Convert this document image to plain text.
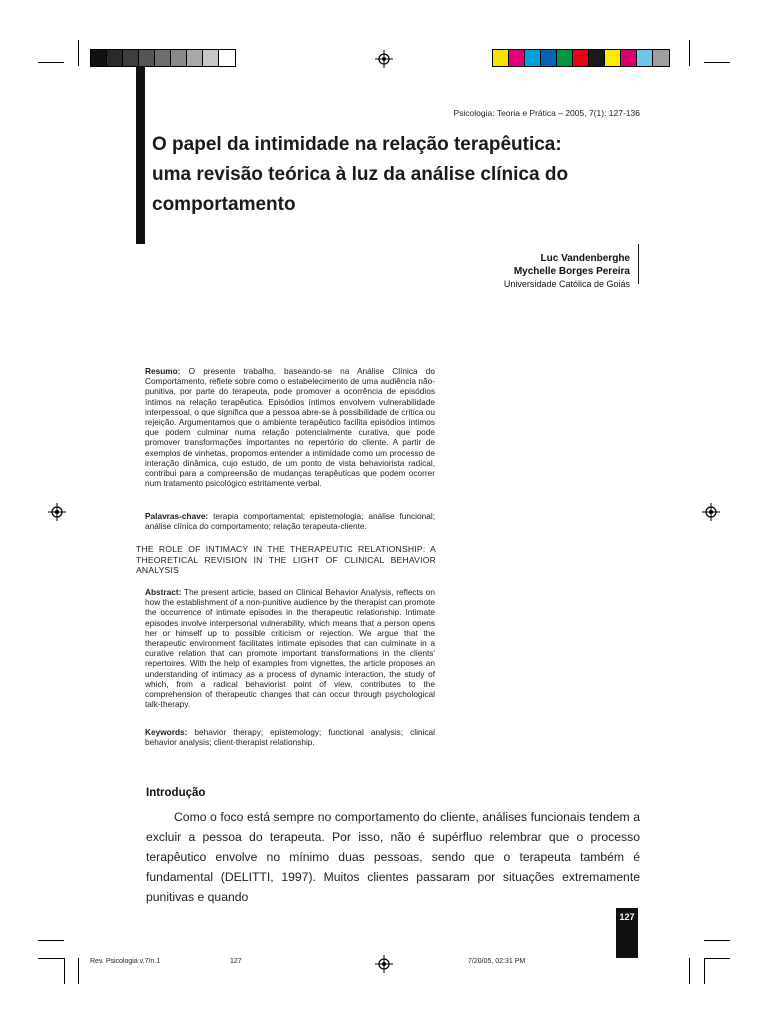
Psicologia: Teoria e Prática – 2005, 7(1): 127-136
O papel da intimidade na relação terapêutica:
uma revisão teórica à luz da análise clínica do
comportamento
Luc Vandenberghe
Mychelle Borges Pereira
Universidade Católica de Goiás
Resumo: O presente trabalho, baseando-se na Análise Clínica do Comportamento, reflete sobre como o estabelecimento de uma audiência não-punitiva, por parte do terapeuta, pode promover a ocorrência de episódios íntimos na relação terapêutica. Episódios íntimos envolvem vulnerabilidade interpessoal, o que significa que a pessoa abre-se à possibilidade de crítica ou rejeição. Argumentamos que o ambiente terapêutico facilita episódios íntimos que podem culminar numa relação potencialmente curativa, que pode promover transformações importantes no repertório do cliente. A partir de exemplos de vinhetas, propomos entender a intimidade como um processo de interação dinâmica, cujo estudo, de um ponto de vista behaviorista radical, contribui para a compreensão de mudanças terapêuticas que podem ocorrer num tratamento psicológico estritamente verbal.
Palavras-chave: terapia comportamental; epistemologia; análise funcional; análise clínica do comportamento; relação terapeuta-cliente.
THE ROLE OF INTIMACY IN THE THERAPEUTIC RELATIONSHIP: A THEORETICAL REVISION IN THE LIGHT OF CLINICAL BEHAVIOR ANALYSIS
Abstract: The present article, based on Clinical Behavior Analysis, reflects on how the establishment of a non-punitive audience by the therapist can promote the occurrence of intimate episodes in the therapeutic relationship. Intimate episodes involve interpersonal vulnerability, which means that a person opens her or himself up to possible criticism or rejection. We argue that the therapeutic environment facilitates intimate episodes that can culminate in a curative relation that can promote important transformations in the clients' repertoires. With the help of examples from vignettes, the article proposes an understanding of intimacy as a process of dynamic interaction, the study of which, from a radical behaviorist point of view, contributes to the comprehension of therapeutic changes that can occur through psychological talk-therapy.
Keywords: behavior therapy; epistemology; functional analysis; clinical behavior analysis; client-therapist relationship.
Introdução

Como o foco está sempre no comportamento do cliente, análises funcionais tendem a excluir a pessoa do terapeuta. Por isso, não é supérfluo relembrar que o processo terapêutico envolve no mínimo duas pessoas, sendo que o terapeuta também é fundamental (DELITTI, 1997). Muitos clientes passaram por situações extremamente punitivas e quando

127
Rev. Psicologia v.7/n.1	127	7/20/05, 02:31 PM
